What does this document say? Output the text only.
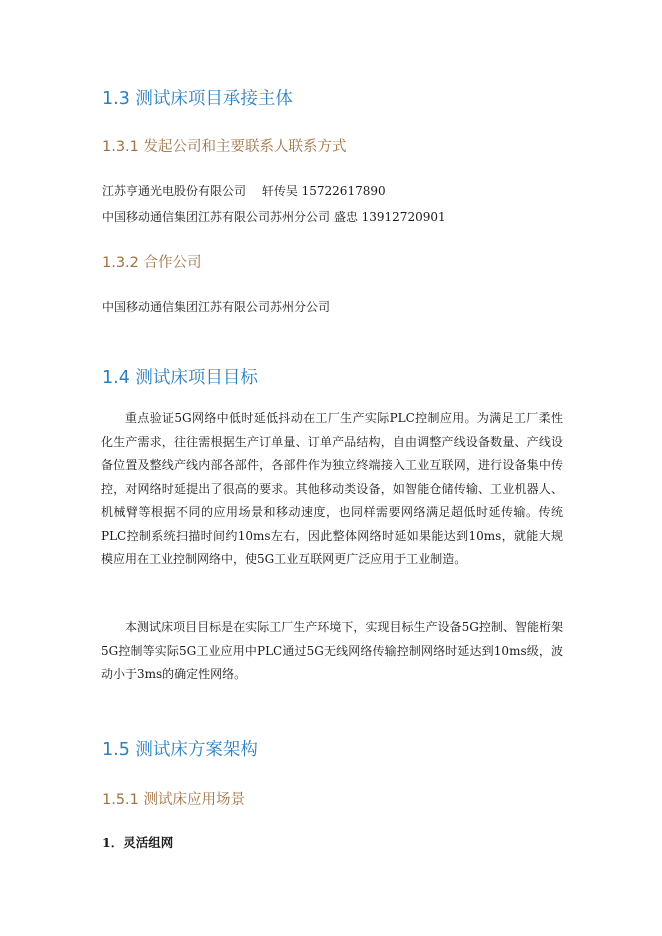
1.3 测试床项目承接主体
1.3.1 发起公司和主要联系人联系方式
江苏亨通光电股份有限公司　 轩传吴 15722617890
中国移动通信集团江苏有限公司苏州分公司 盛忠 13912720901
1.3.2 合作公司
中国移动通信集团江苏有限公司苏州分公司
1.4 测试床项目目标

重点验证5G网络中低时延低抖动在工厂生产实际PLC控制应用。为满足工厂柔性化生产需求，往往需根据生产订单量、订单产品结构，自由调整产线设备数量、产线设备位置及整线产线内部各部件，各部件作为独立终端接入工业互联网，进行设备集中传控，对网络时延提出了很高的要求。其他移动类设备，如智能仓储传输、工业机器人、机械臂等根据不同的应用场景和移动速度，也同样需要网络满足超低时延传输。传统PLC控制系统扫描时间约10ms左右，因此整体网络时延如果能达到10ms，就能大规模应用在工业控制网络中，使5G工业互联网更广泛应用于工业制造。

本测试床项目目标是在实际工厂生产环境下，实现目标生产设备5G控制、智能桁架5G控制等实际5G工业应用中PLC通过5G无线网络传输控制网络时延达到10ms级，波动小于3ms的确定性网络。

1.5 测试床方案架构
1.5.1 测试床应用场景
1．灵活组网
